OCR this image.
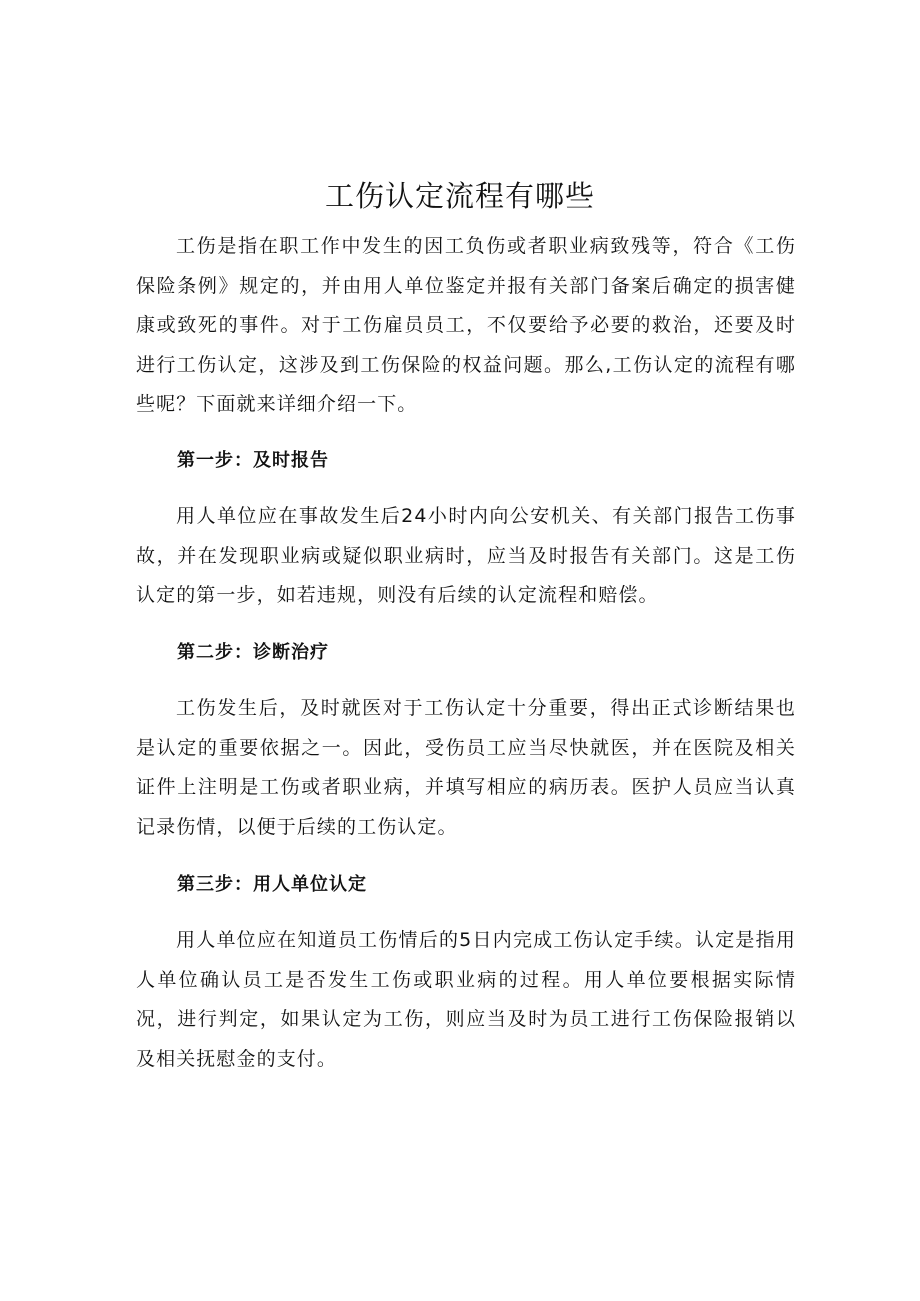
工伤认定流程有哪些

工伤是指在职工作中发生的因工负伤或者职业病致残等，符合《工伤保险条例》规定的，并由用人单位鉴定并报有关部门备案后确定的损害健康或致死的事件。对于工伤雇员员工，不仅要给予必要的救治，还要及时进行工伤认定，这涉及到工伤保险的权益问题。那么,工伤认定的流程有哪些呢？下面就来详细介绍一下。

第一步：及时报告

用人单位应在事故发生后24小时内向公安机关、有关部门报告工伤事故，并在发现职业病或疑似职业病时，应当及时报告有关部门。这是工伤认定的第一步，如若违规，则没有后续的认定流程和赔偿。

第二步：诊断治疗

工伤发生后，及时就医对于工伤认定十分重要，得出正式诊断结果也是认定的重要依据之一。因此，受伤员工应当尽快就医，并在医院及相关证件上注明是工伤或者职业病，并填写相应的病历表。医护人员应当认真记录伤情，以便于后续的工伤认定。

第三步：用人单位认定

用人单位应在知道员工伤情后的5日内完成工伤认定手续。认定是指用人单位确认员工是否发生工伤或职业病的过程。用人单位要根据实际情况，进行判定，如果认定为工伤，则应当及时为员工进行工伤保险报销以及相关抚慰金的支付。
